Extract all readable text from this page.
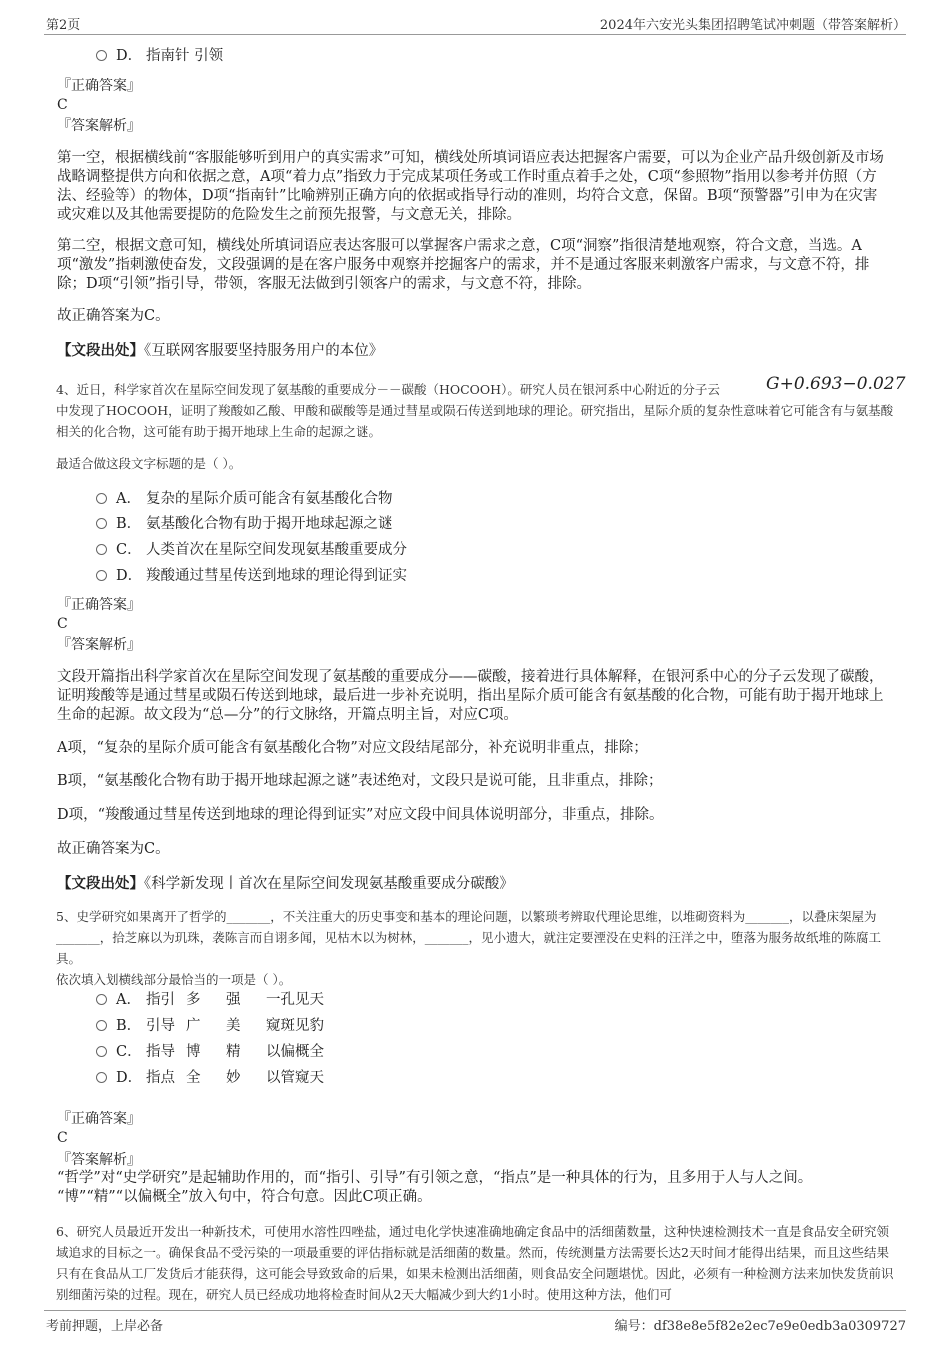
第2页	2024年六安光头集团招聘笔试冲刺题（带答案解析）
D． 指南针 引领
『正确答案』
C
『答案解析』
第一空，根据横线前“客服能够听到用户的真实需求”可知，横线处所填词语应表达把握客户需要，可以为企业产品升级创新及市场战略调整提供方向和依据之意，A项“着力点”指致力于完成某项任务或工作时重点着手之处，C项“参照物”指用以参考并仿照（方法、经验等）的物体，D项“指南针”比喻辨别正确方向的依据或指导行动的准则，均符合文意，保留。B项“预警器”引申为在灾害或灾难以及其他需要提防的危险发生之前预先报警，与文意无关，排除。
第二空，根据文意可知，横线处所填词语应表达客服可以掌握客户需求之意，C项“洞察”指很清楚地观察，符合文意，当选。A项“激发”指刺激使奋发，文段强调的是在客户服务中观察并挖掘客户的需求，并不是通过客服来刺激客户需求，与文意不符，排除；D项“引领”指引导，带领，客服无法做到引领客户的需求，与文意不符，排除。
故正确答案为C。
【文段出处】《互联网客服要坚持服务用户的本位》
4、近日，科学家首次在星际空间发现了氨基酸的重要成分－－碳酸（HOCOOH）。研究人员在银河系中心附近的分子云	G+0.693−0.027
中发现了HOCOOH，证明了羧酸如乙酸、甲酸和碳酸等是通过彗星或陨石传送到地球的理论。研究指出，星际介质的复杂性意味着它可能含有与氨基酸相关的化合物，这可能有助于揭开地球上生命的起源之谜。
最适合做这段文字标题的是（ ）。
A． 复杂的星际介质可能含有氨基酸化合物
B． 氨基酸化合物有助于揭开地球起源之谜
C． 人类首次在星际空间发现氨基酸重要成分
D． 羧酸通过彗星传送到地球的理论得到证实
『正确答案』
C
『答案解析』
文段开篇指出科学家首次在星际空间发现了氨基酸的重要成分——碳酸，接着进行具体解释，在银河系中心的分子云发现了碳酸，证明羧酸等是通过彗星或陨石传送到地球，最后进一步补充说明，指出星际介质可能含有氨基酸的化合物，可能有助于揭开地球上生命的起源。故文段为“总—分”的行文脉络，开篇点明主旨，对应C项。
A项，“复杂的星际介质可能含有氨基酸化合物”对应文段结尾部分，补充说明非重点，排除；
B项，“氨基酸化合物有助于揭开地球起源之谜”表述绝对，文段只是说可能，且非重点，排除；
D项，“羧酸通过彗星传送到地球的理论得到证实”对应文段中间具体说明部分，非重点，排除。
故正确答案为C。
【文段出处】《科学新发现丨首次在星际空间发现氨基酸重要成分碳酸》
5、史学研究如果离开了哲学的_______，不关注重大的历史事变和基本的理论问题，以繁琐考辨取代理论思维，以堆砌资料为_______，以叠床架屋为_______，拾芝麻以为玑珠，袭陈言而自诩多闻，见枯木以为树林，_______，见小遗大，就注定要湮没在史料的汪洋之中，堕落为服务故纸堆的陈腐工具。
依次填入划横线部分最恰当的一项是（ ）。
A． 指引 多 强 一孔见天
B． 引导 广 美 窥斑见豹
C． 指导 博 精 以偏概全
D． 指点 全 妙 以管窥天
『正确答案』
C
『答案解析』
“哲学”对“史学研究”是起辅助作用的，而“指引、引导”有引领之意，“指点”是一种具体的行为，且多用于人与人之间。
“博”“精”“以偏概全”放入句中，符合句意。因此C项正确。
6、研究人员最近开发出一种新技术，可使用水溶性四唑盐，通过电化学快速准确地确定食品中的活细菌数量，这种快速检测技术一直是食品安全研究领域追求的目标之一。确保食品不受污染的一项最重要的评估指标就是活细菌的数量。然而，传统测量方法需要长达2天时间才能得出结果，而且这些结果只有在食品从工厂发货后才能获得，这可能会导致致命的后果，如果未检测出活细菌，则食品安全问题堪忧。因此，必须有一种检测方法来加快发货前识别细菌污染的过程。现在，研究人员已经成功地将检查时间从2天大幅减少到大约1小时。使用这种方法，他们可
考前押题，上岸必备	编号：df38e8e5f82e2ec7e9e0edb3a0309727
